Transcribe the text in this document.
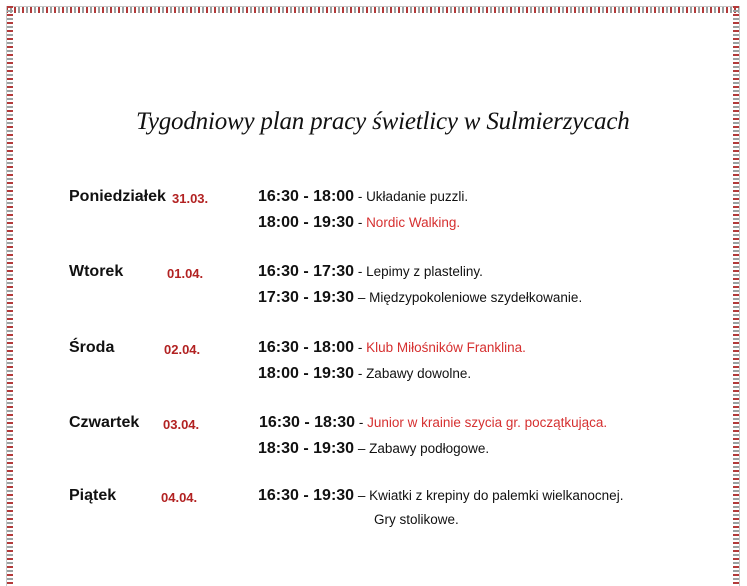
Tygodniowy plan pracy świetlicy w Sulmierzycach
Poniedziałek 31.03.	16:30 - 18:00 - Układanie puzzli.
18:00 - 19:30 - Nordic Walking.
Wtorek	01.04.	16:30 - 17:30 - Lepimy z plasteliny.
17:30 - 19:30 – Międzypokoleniowe szydełkowanie.
Środa	02.04.	16:30 - 18:00 - Klub Miłośników Franklina.
18:00 - 19:30 - Zabawy dowolne.
Czwartek 03.04.	16:30 - 18:30 - Junior w krainie szycia gr. początkująca.
18:30 - 19:30 – Zabawy podłogowe.
Piątek	04.04.	16:30 - 19:30 – Kwiatki z krepiny do palemki wielkanocnej.
Gry stolikowe.
